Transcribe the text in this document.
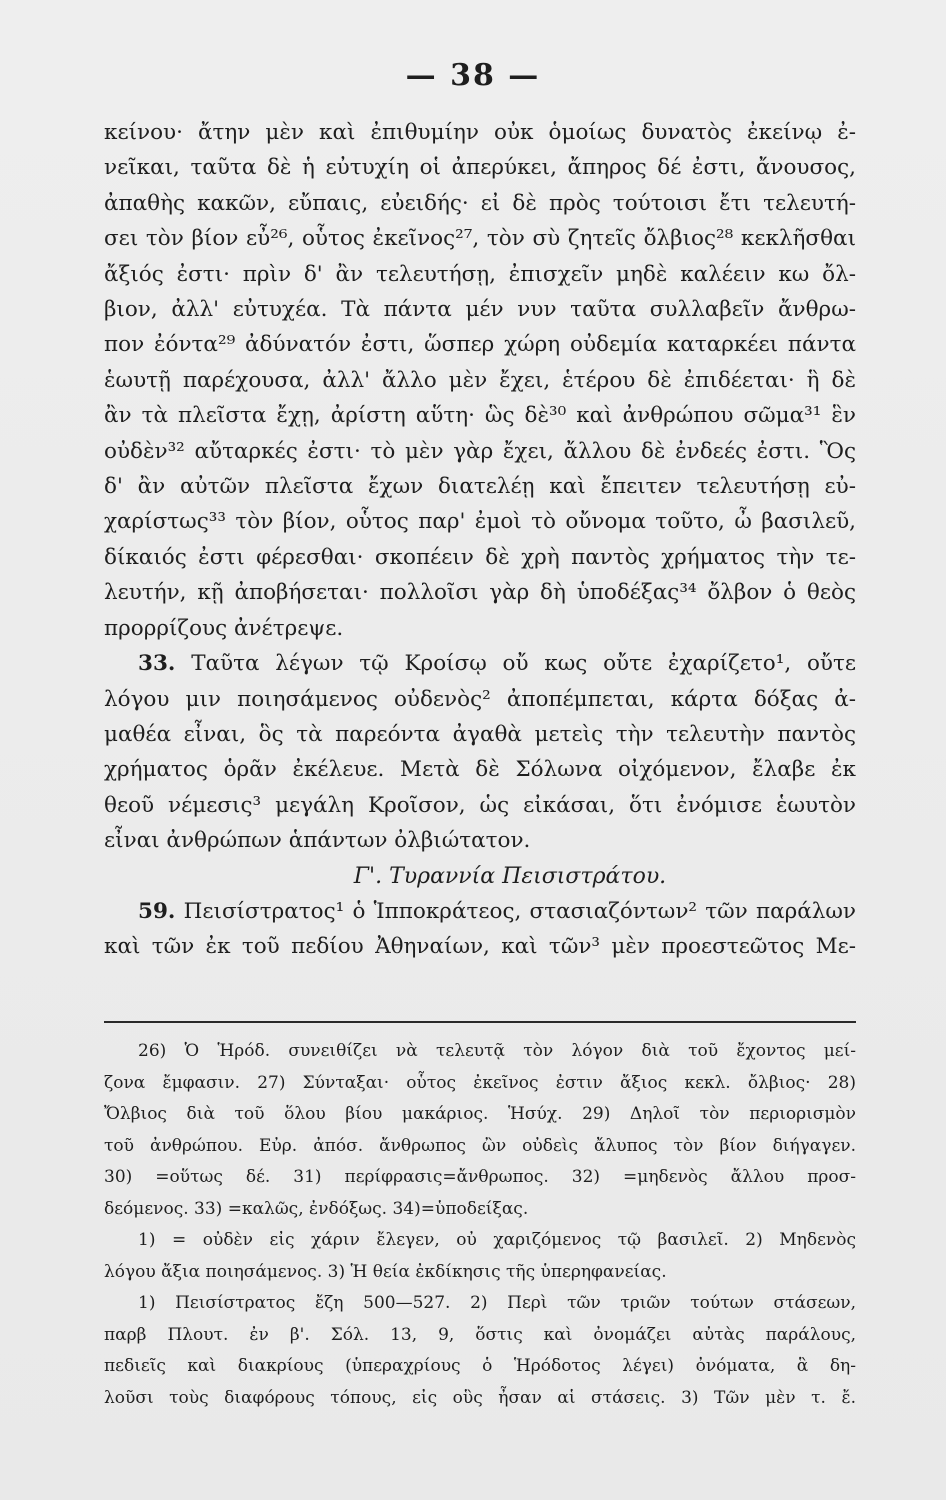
— 38 —
κείνου· ἄτην μὲν καὶ ἐπιθυμίην οὐκ ὁμοίως δυνατὸς ἐκείνῳ ἐ-
νεῖκαι, ταῦτα δὲ ἡ εὐτυχίη οἱ ἀπερύκει, ἄπηρος δέ ἐστι, ἄνουσος,
ἀπαθὴς κακῶν, εὔπαις, εὐειδής· εἰ δὲ πρὸς τούτοισι ἔτι τελευτή-
σει τὸν βίον εὖ²⁶, οὗτος ἐκεῖνος²⁷, τὸν σὺ ζητεῖς ὄλβιος²⁸ κεκλῆσθαι
ἄξιός ἐστι· πρὶν δ' ἂν τελευτήσῃ, ἐπισχεῖν μηδὲ καλέειν κω ὄλ-
βιον, ἀλλ' εὐτυχέα. Τὰ πάντα μέν νυν ταῦτα συλλαβεῖν ἄνθρω-
πον ἐόντα²⁹ ἀδύνατόν ἐστι, ὥσπερ χώρη οὐδεμία καταρκέει πάντα
ἑωυτῇ παρέχουσα, ἀλλ' ἄλλο μὲν ἔχει, ἑτέρου δὲ ἐπιδέεται· ἣ δὲ
ἂν τὰ πλεῖστα ἔχῃ, ἀρίστη αὕτη· ὣς δὲ³⁰ καὶ ἀνθρώπου σῶμα³¹ ἓν
οὐδὲν³² αὔταρκές ἐστι· τὸ μὲν γὰρ ἔχει, ἄλλου δὲ ἐνδεές ἐστι. Ὃς
δ' ἂν αὐτῶν πλεῖστα ἔχων διατελέῃ καὶ ἔπειτεν τελευτήσῃ εὐ-
χαρίστως³³ τὸν βίον, οὗτος παρ' ἐμοὶ τὸ οὔνομα τοῦτο, ὦ βασιλεῦ,
δίκαιός ἐστι φέρεσθαι· σκοπέειν δὲ χρὴ παντὸς χρήματος τὴν τε-
λευτήν, κῇ ἀποβήσεται· πολλοῖσι γὰρ δὴ ὑποδέξας³⁴ ὄλβον ὁ θεὸς
προρρίζους ἀνέτρεψε.
33. Ταῦτα λέγων τῷ Κροίσῳ οὔ κως οὔτε ἐχαρίζετο¹, οὔτε
λόγου μιν ποιησάμενος οὐδενὸς² ἀποπέμπεται, κάρτα δόξας ἀ-
μαθέα εἶναι, ὃς τὰ παρεόντα ἀγαθὰ μετεὶς τὴν τελευτὴν παντὸς
χρήματος ὁρᾶν ἐκέλευε. Μετὰ δὲ Σόλωνα οἰχόμενον, ἔλαβε ἐκ
θεοῦ νέμεσις³ μεγάλη Κροῖσον, ὡς εἰκάσαι, ὅτι ἐνόμισε ἑωυτὸν
εἶναι ἀνθρώπων ἁπάντων ὀλβιώτατον.
Γ'. Τυραννία Πεισιστράτου.
59. Πεισίστρατος¹ ὁ Ἱπποκράτεος, στασιαζόντων² τῶν παράλων
καὶ τῶν ἐκ τοῦ πεδίου Ἀθηναίων, καὶ τῶν³ μὲν προεστεῶτος Με-
26) Ὁ Ἡρόδ. συνειθίζει νὰ τελευτᾷ τὸν λόγον διὰ τοῦ ἔχοντος μεί-
ζονα ἔμφασιν. 27) Σύνταξαι· οὗτος ἐκεῖνος ἐστιν ἄξιος κεκλ. ὄλβιος· 28)
Ὄλβιος διὰ τοῦ ὅλου βίου μακάριος. Ἡσύχ. 29) Δηλοῖ τὸν περιορισμὸν
τοῦ ἀνθρώπου. Εὐρ. ἀπόσ. ἄνθρωπος ὢν οὐδεὶς ἄλυπος τὸν βίον διήγαγεν.
30) =οὕτως δέ. 31) περίφρασις=ἄνθρωπος. 32) =μηδενὸς ἄλλου προσ-
δεόμενος. 33) =καλῶς, ἐνδόξως. 34)=ὑποδείξας.
1) = οὐδὲν εἰς χάριν ἔλεγεν, οὐ χαριζόμενος τῷ βασιλεῖ. 2) Μηδενὸς
λόγου ἄξια ποιησάμενος. 3) Ἡ θεία ἐκδίκησις τῆς ὑπερηφανείας.
1) Πεισίστρατος ἔζη 500—527. 2) Περὶ τῶν τριῶν τούτων στάσεων,
παρβ Πλουτ. ἐν β'. Σόλ. 13, 9, ὅστις καὶ ὀνομάζει αὐτὰς παράλους,
πεδιεῖς καὶ διακρίους (ὑπεραχρίους ὁ Ἡρόδοτος λέγει) ὀνόματα, ἃ δη-
λοῦσι τοὺς διαφόρους τόπους, εἰς οὓς ἦσαν αἱ στάσεις. 3) Τῶν μὲν τ. ἔ.
